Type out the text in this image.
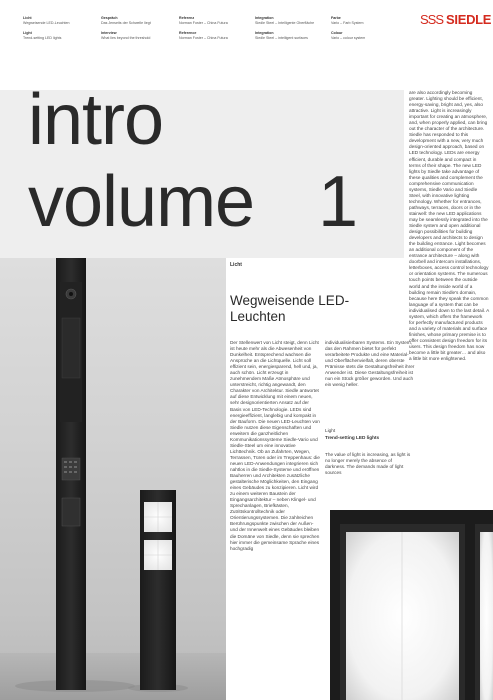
Licht
Wegweisende LED-Leuchten
Light
Trend-setting LED lights
Gespräch
Das Jenseits der Schwelle liegt
Interview
What lies beyond the threshold
Referenz
Norman Foster – China Futura
Reference
Norman Foster – China Futura
Integration
Siedle Steel – Intelligente Oberfläche
Integration
Siedle Steel – intelligent surfaces
Farbe
Vario – Farb System
Colour
Vario – colour system
SSS SIEDLE
intro
volume 1
Licht
Wegweisende LED-Leuchten
Der Stellenwert von Licht steigt, denn Licht ist heute mehr als die Abwesenheit von Dunkelheit. Entsprechend wachsen die Ansprüche an die Lichtquelle. Licht soll effizient sein, energiesparend, hell und, ja, auch schön. Licht erzeugt in zunehmendem Maße Atmosphäre und unterstreicht, richtig angewandt, den Charakter von Architektur. Siedle antwortet auf diese Entwicklung mit einem neuen, sehr designorientierten Ansatz auf der Basis von LED-Technologie. LEDs sind energieeffizient, langlebig und kompakt in der Bauform. Die neuen LED-Leuchten von Siedle nutzen diese Eigenschaften und erweitern die ganzheitlichen Kommunikationssysteme Siedle-Vario und Siedle-Steel um eine innovative Lichttechnik. Ob an Zufahrten, Wegen, Terrassen, Türen oder im Treppenhaus: die neuen LED-Anwendungen integrieren sich nahtlos in die Siedle-Systeme und eröffnen Bauherren und Architekten zusätzliche gestalterische Möglichkeiten, den Eingang eines Gebäudes zu konzipieren. Licht wird zu einem weiteren Baustein der Eingangsarchitektur – neben Klingel- und Sprechanlagen, Briefkästen, Zutrittskontrolltechnik oder Orientierungssystemen. Die zahlreichen Berührungspunkte zwischen der Außen- und der Innenwelt eines Gebäudes bleiben die Domäne von Siedle, denn sie sprechen hier immer die gemeinsame Sprache eines hochgradig
individualisierbaren Systems. Ein System, das den Rahmen bietet für perfekt verarbeitete Produkte und eine Material- und Oberflächenvielfalt, deren oberste Prämisse stets die Gestaltungsfreiheit ihrer Anwender ist. Diese Gestaltungsfreiheit ist nun ein Stück größer geworden. Und auch ein wenig heller.
Light
Trend-setting LED lights
The value of light is increasing, as light is no longer merely the absence of darkness. The demands made of light sources
are also accordingly becoming greater. Lighting should be efficient, energy-saving, bright and, yes, also attractive. Light is increasingly important for creating an atmosphere, and, when properly applied, can bring out the character of the architecture. Siedle has responded to this development with a new, very much design-oriented approach, based on LED technology. LEDs are energy efficient, durable and compact in terms of their shape. The new LED lights by Siedle take advantage of these qualities and complement the comprehensive communication systems, Siedle Vario and Siedle Steel, with innovative lighting technology. Whether for entrances, pathways, terraces, doors or in the stairwell: the new LED applications may be seamlessly integrated into the Siedle system and open additional design possibilities for building developers and architects to design the building entrance. Light becomes an additional component of the entrance architecture – along with doorbell and intercom installations, letterboxes, access control technology or orientation systems. The numerous touch points between the outside world and the inside world of a building remain Siedle's domain, because here they speak the common language of a system that can be individualised down to the last detail. A system, which offers the framework for perfectly manufactured products and a variety of materials and surface finishes, whose primary premise is to offer consistent design freedom for its users. This design freedom has now become a little bit greater… and also a little bit more enlightened.
